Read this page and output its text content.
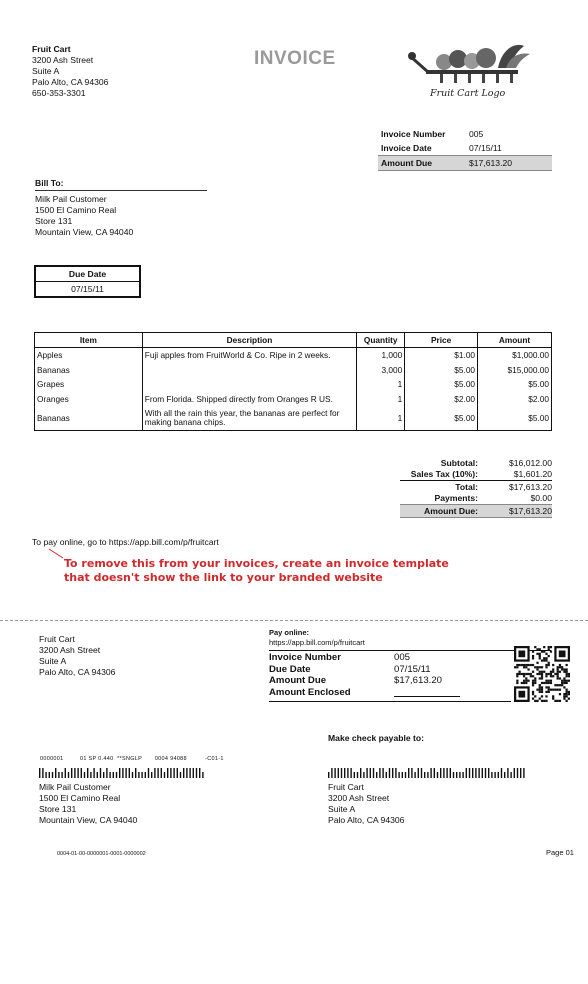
Fruit Cart
3200 Ash Street
Suite A
Palo Alto, CA 94306
650-353-3301
INVOICE
Fruit Cart Logo
Invoice Number	005
Invoice Date	07/15/11
Amount Due	$17,613.20
Bill To:
Milk Pail Customer
1500 El Camino Real
Store 131
Mountain View, CA 94040
Due Date
07/15/11
Item	Description	Quantity	Price	Amount
Apples	Fuji apples from FruitWorld & Co. Ripe in 2 weeks.	1,000	$1.00	$1,000.00
Bananas		3,000	$5.00	$15,000.00
Grapes		1	$5.00	$5.00
Oranges	From Florida. Shipped directly from Oranges R US.	1	$2.00	$2.00
Bananas	With all the rain this year, the bananas are perfect for making banana chips.	1	$5.00	$5.00
Subtotal:	$16,012.00
Sales Tax (10%):	$1,601.20
Total:	$17,613.20
Payments:	$0.00
Amount Due:	$17,613.20
To pay online, go to https://app.bill.com/p/fruitcart
To remove this from your invoices, create an invoice template
that doesn't show the link to your branded website
Fruit Cart
3200 Ash Street
Suite A
Palo Alto, CA 94306
Pay online:
https://app.bill.com/p/fruitcart
Invoice Number	005
Due Date	07/15/11
Amount Due	$17,613.20
Amount Enclosed
Make check payable to:
0000001         01 SP 0.440  **SNGLP       0004 94088          -C01-1
Milk Pail Customer
1500 El Camino Real
Store 131
Mountain View, CA 94040
Fruit Cart
3200 Ash Street
Suite A
Palo Alto, CA 94306
0004-01-00-0000001-0001-0000002	Page 01
